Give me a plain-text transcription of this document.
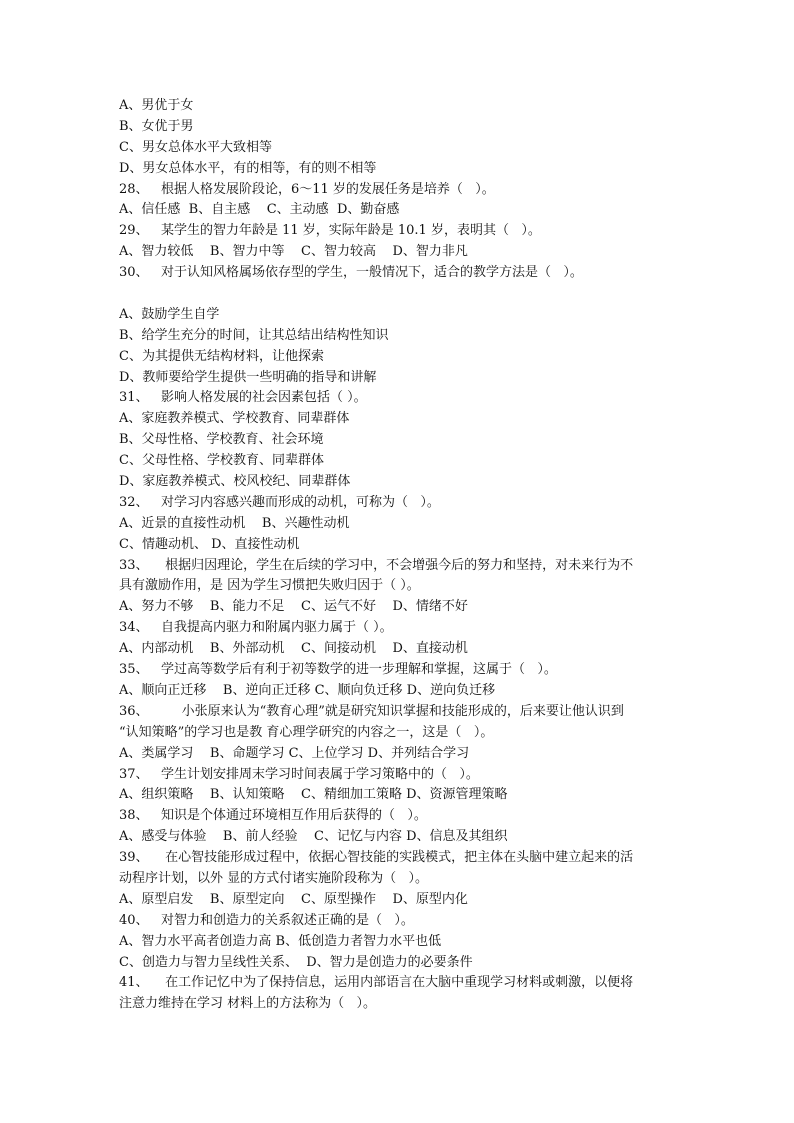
A、男优于女
B、女优于男
C、男女总体水平大致相等
D、男女总体水平，有的相等，有的则不相等
28、   根据人格发展阶段论，6～11 岁的发展任务是培养（   ）。
A、信任感  B、自主感    C、主动感  D、勤奋感
29、   某学生的智力年龄是 11 岁，实际年龄是 10.1 岁，表明其（   ）。
A、智力较低    B、智力中等    C、智力较高    D、智力非凡
30、   对于认知风格属场依存型的学生，一般情况下，适合的教学方法是（   ）。
A、鼓励学生自学
B、给学生充分的时间，让其总结出结构性知识
C、为其提供无结构材料，让他探索
D、教师要给学生提供一些明确的指导和讲解
31、   影响人格发展的社会因素包括（ ）。
A、家庭教养模式、学校教育、同辈群体
B、父母性格、学校教育、社会环境
C、父母性格、学校教育、同辈群体
D、家庭教养模式、校风校纪、同辈群体
32、   对学习内容感兴趣而形成的动机，可称为（   ）。
A、近景的直接性动机    B、兴趣性动机
C、情趣动机、 D、直接性动机
33、    根据归因理论，学生在后续的学习中，不会增强今后的努力和坚持，对未来行为不
具有激励作用，是 因为学生习惯把失败归因于（ ）。
A、努力不够    B、能力不足    C、运气不好    D、情绪不好
34、   自我提高内驱力和附属内驱力属于（ ）。
A、内部动机    B、外部动机    C、间接动机    D、直接动机
35、   学过高等数学后有利于初等数学的进一步理解和掌握，这属于（   ）。
A、顺向正迁移    B、逆向正迁移 C、顺向负迁移 D、逆向负迁移
36、        小张原来认为“教育心理”就是研究知识掌握和技能形成的，后来要让他认识到
“认知策略”的学习也是教 育心理学研究的内容之一，这是（   ）。
A、类属学习    B、命题学习 C、上位学习 D、并列结合学习
37、   学生计划安排周末学习时间表属于学习策略中的（   ）。
A、组织策略    B、认知策略    C、精细加工策略 D、资源管理策略
38、   知识是个体通过环境相互作用后获得的（   ）。
A、感受与体验    B、前人经验    C、记忆与内容 D、信息及其组织
39、    在心智技能形成过程中，依据心智技能的实践模式，把主体在头脑中建立起来的活
动程序计划，以外 显的方式付诸实施阶段称为（   ）。
A、原型启发    B、原型定向    C、原型操作    D、原型内化
40、   对智力和创造力的关系叙述正确的是（   ）。
A、智力水平高者创造力高 B、低创造力者智力水平也低
C、创造力与智力呈线性关系、  D、智力是创造力的必要条件
41、    在工作记忆中为了保持信息，运用内部语言在大脑中重现学习材料或刺激，以便将
注意力维持在学习 材料上的方法称为（   ）。
